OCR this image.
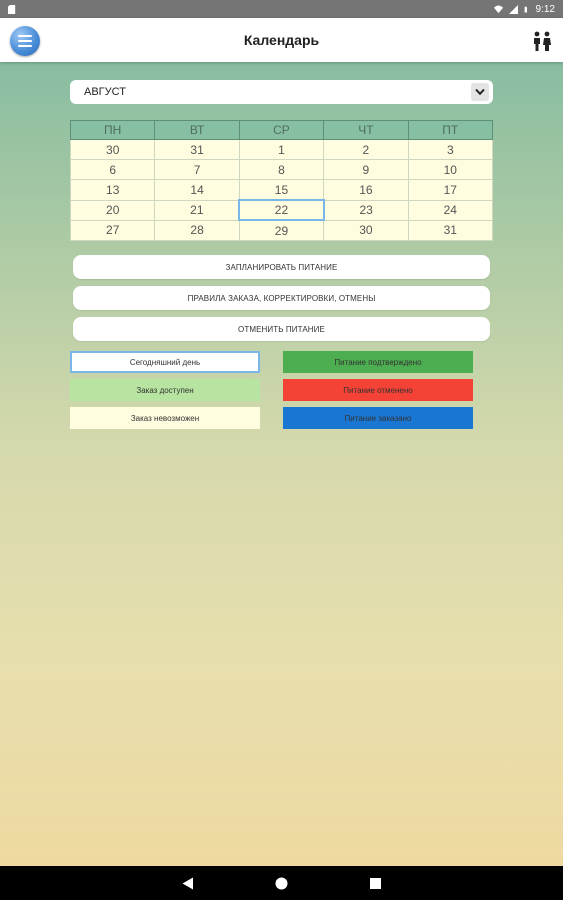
9:12
Календарь
АВГУСТ
ПН	ВТ	СР	ЧТ	ПТ
30	31	1	2	3
6	7	8	9	10
13	14	15	16	17
20	21	22	23	24
27	28	29	30	31
ЗАПЛАНИРОВАТЬ ПИТАНИЕ
ПРАВИЛА ЗАКАЗА, КОРРЕКТИРОВКИ, ОТМЕНЫ
ОТМЕНИТЬ ПИТАНИЕ
Сегодняшний день
Заказ доступен
Заказ невозможен
Питание подтверждено
Питание отменено
Питание заказано
